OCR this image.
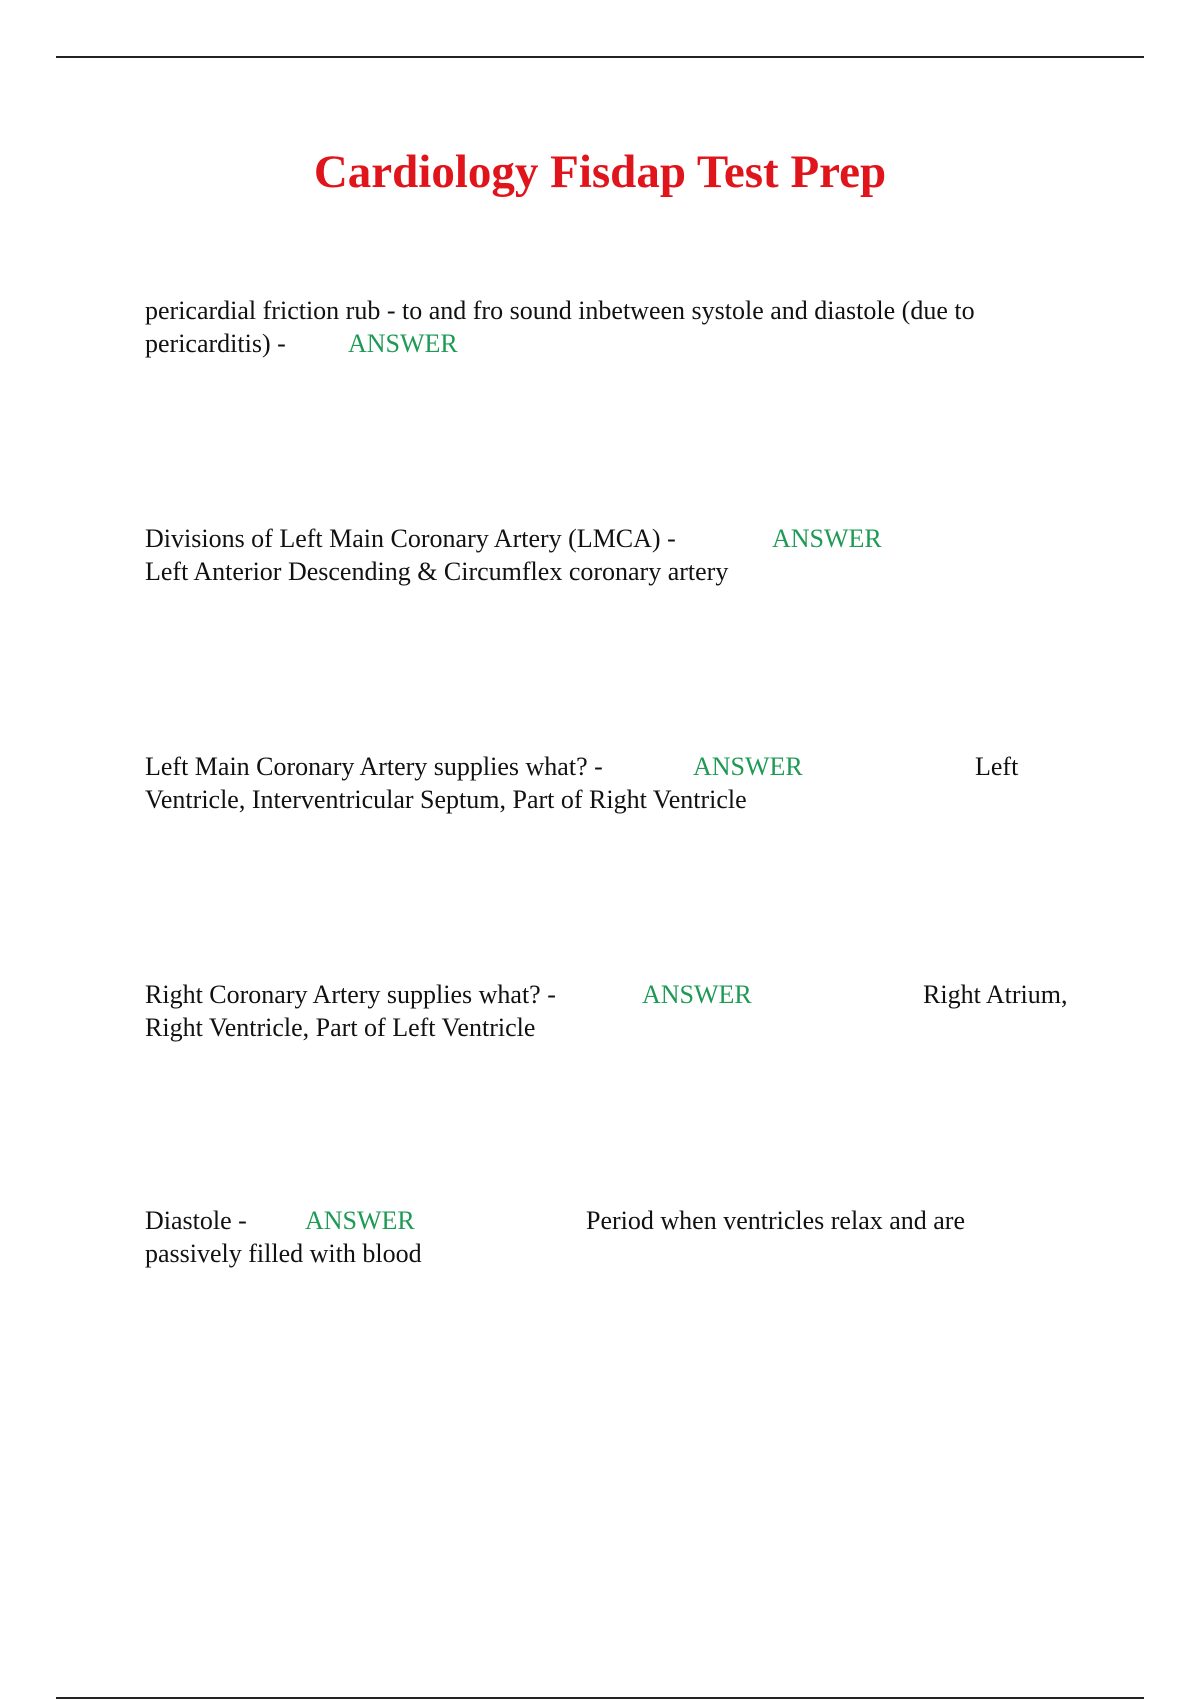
Cardiology Fisdap Test Prep
pericardial friction rub - to and fro sound inbetween systole and diastole (due to
pericarditis) - ANSWER
Divisions of Left Main Coronary Artery (LMCA) -	ANSWER
Left Anterior Descending & Circumflex coronary artery
Left Main Coronary Artery supplies what? -	ANSWER	Left
Ventricle, Interventricular Septum, Part of Right Ventricle
Right Coronary Artery supplies what? -	ANSWER	Right Atrium,
Right Ventricle, Part of Left Ventricle
Diastole - ANSWER	Period when ventricles relax and are
passively filled with blood
